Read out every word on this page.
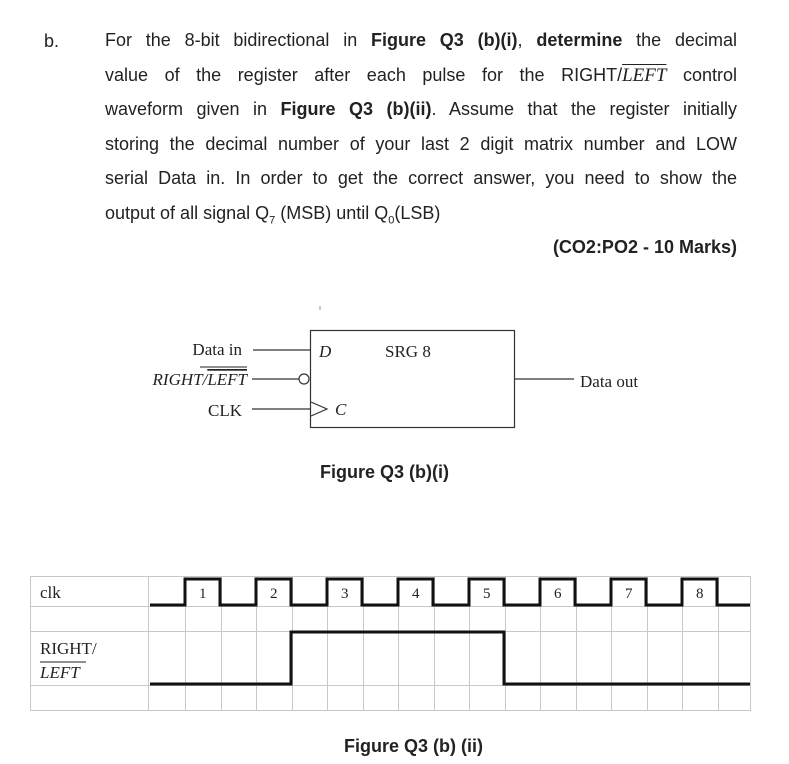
b.	For the 8-bit bidirectional in Figure Q3 (b)(i), determine the decimal
value of the register after each pulse for the RIGHT/LEFT control
waveform given in Figure Q3 (b)(ii). Assume that the register initially
storing the decimal number of your last 2 digit matrix number and LOW
serial Data in. In order to get the correct answer, you need to show the
output of all signal $Q_7$ (MSB) until $Q_0(LSB)$
(CO2:PO2 - 10 Marks)
Data in
RIGHT/LEFT
CLK
D	SRG 8
C
Data out
Figure Q3 (b)(i)
clk
RIGHT/
LEFT
1	2	3	4	5	6	7	8
Figure Q3 (b) (ii)
